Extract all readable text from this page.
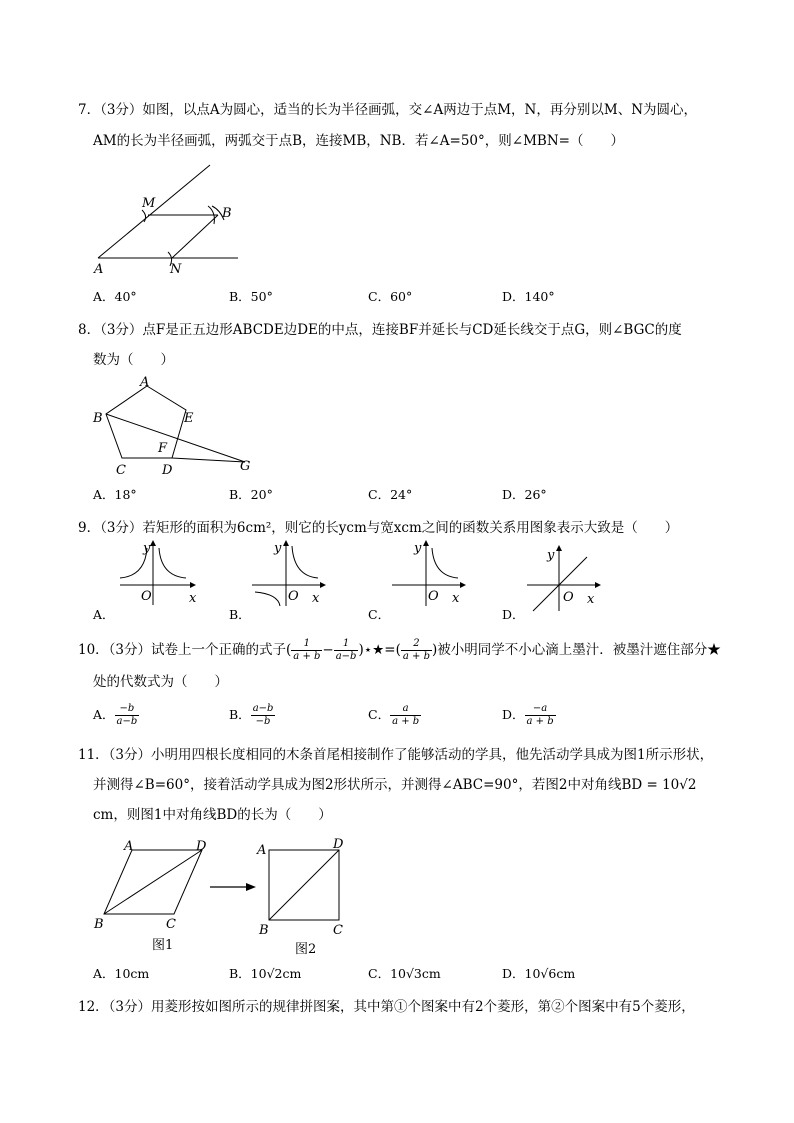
7．（3分）如图，以点A为圆心，适当的长为半径画弧，交∠A两边于点M，N，再分别以M、N为圆心，
AM的长为半径画弧，两弧交于点B，连接MB，NB．若∠A=50°，则∠MBN=（　　）
M
B
A	N
A．40°	B．50°	C．60°	D．140°
8．（3分）点F是正五边形ABCDE边DE的中点，连接BF并延长与CD延长线交于点G，则∠BGC的度
数为（　　）
A
B	E
F
C	D	G
A．18°	B．20°	C．24°	D．26°
9．（3分）若矩形的面积为6cm²，则它的长ycm与宽xcm之间的函数关系用图象表示大致是（　　）
y
O	x
y
O x
y
O x
y
O x
A．	B．	C．	D．
10．（3分）试卷上一个正确的式子( $\frac{1}{a + b} - \frac{1}{a-b}$ )⋆★=( $\frac{2}{a + b}$ )被小明同学不小心滴上墨汁．被墨汁遮住部分★
处的代数式为（　　）
A． $\frac{-b}{a-b}$	B． $\frac{a-b}{-b}$	C． $\frac{a}{a + b}$	D． $\frac{-a}{a + b}$
11．（3分）小明用四根长度相同的木条首尾相接制作了能够活动的学具，他先活动学具成为图1所示形状，
并测得∠B=60°，接着活动学具成为图2形状所示，并测得∠ABC=90°，若图2中对角线BD = 10√2
cm，则图1中对角线BD的长为（　　）
A	D
B	C
图1
A	D
B	C
图2
A．10cm	B．10√2cm	C．10√3cm	D．10√6cm
12．（3分）用菱形按如图所示的规律拼图案，其中第①个图案中有2个菱形，第②个图案中有5个菱形，
